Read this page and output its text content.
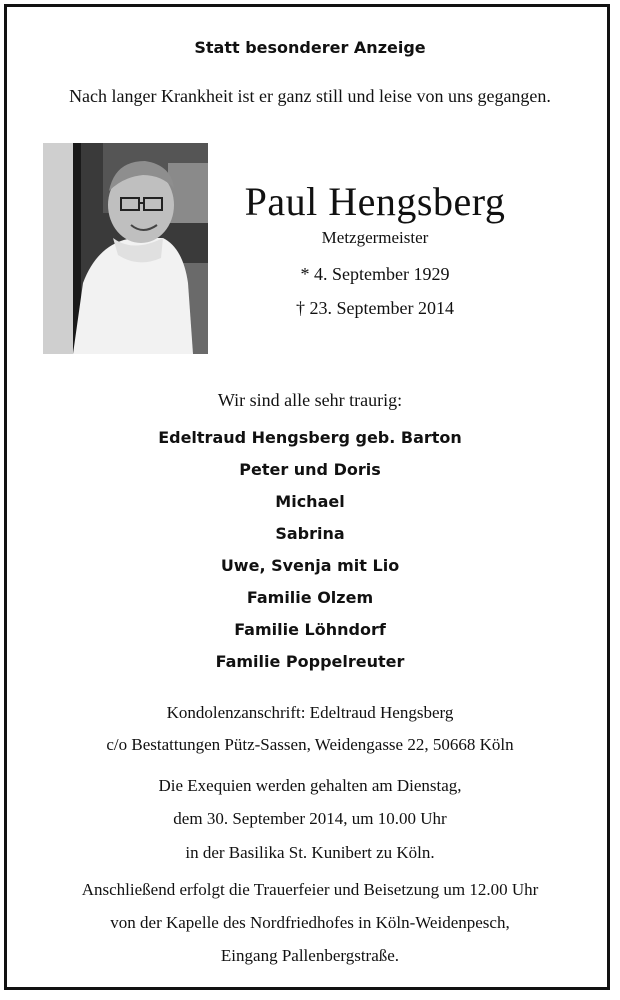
Statt besonderer Anzeige
Nach langer Krankheit ist er ganz still und leise von uns gegangen.
Paul Hengsberg
Metzgermeister
* 4. September 1929
† 23. September 2014
Wir sind alle sehr traurig:
Edeltraud Hengsberg geb. Barton
Peter und Doris
Michael
Sabrina
Uwe, Svenja mit Lio
Familie Olzem
Familie Löhndorf
Familie Poppelreuter
Kondolenzanschrift: Edeltraud Hengsberg
c/o Bestattungen Pütz-Sassen, Weidengasse 22, 50668 Köln
Die Exequien werden gehalten am Dienstag,
dem 30. September 2014, um 10.00 Uhr
in der Basilika St. Kunibert zu Köln.
Anschließend erfolgt die Trauerfeier und Beisetzung um 12.00 Uhr
von der Kapelle des Nordfriedhofes in Köln-Weidenpesch,
Eingang Pallenbergstraße.
